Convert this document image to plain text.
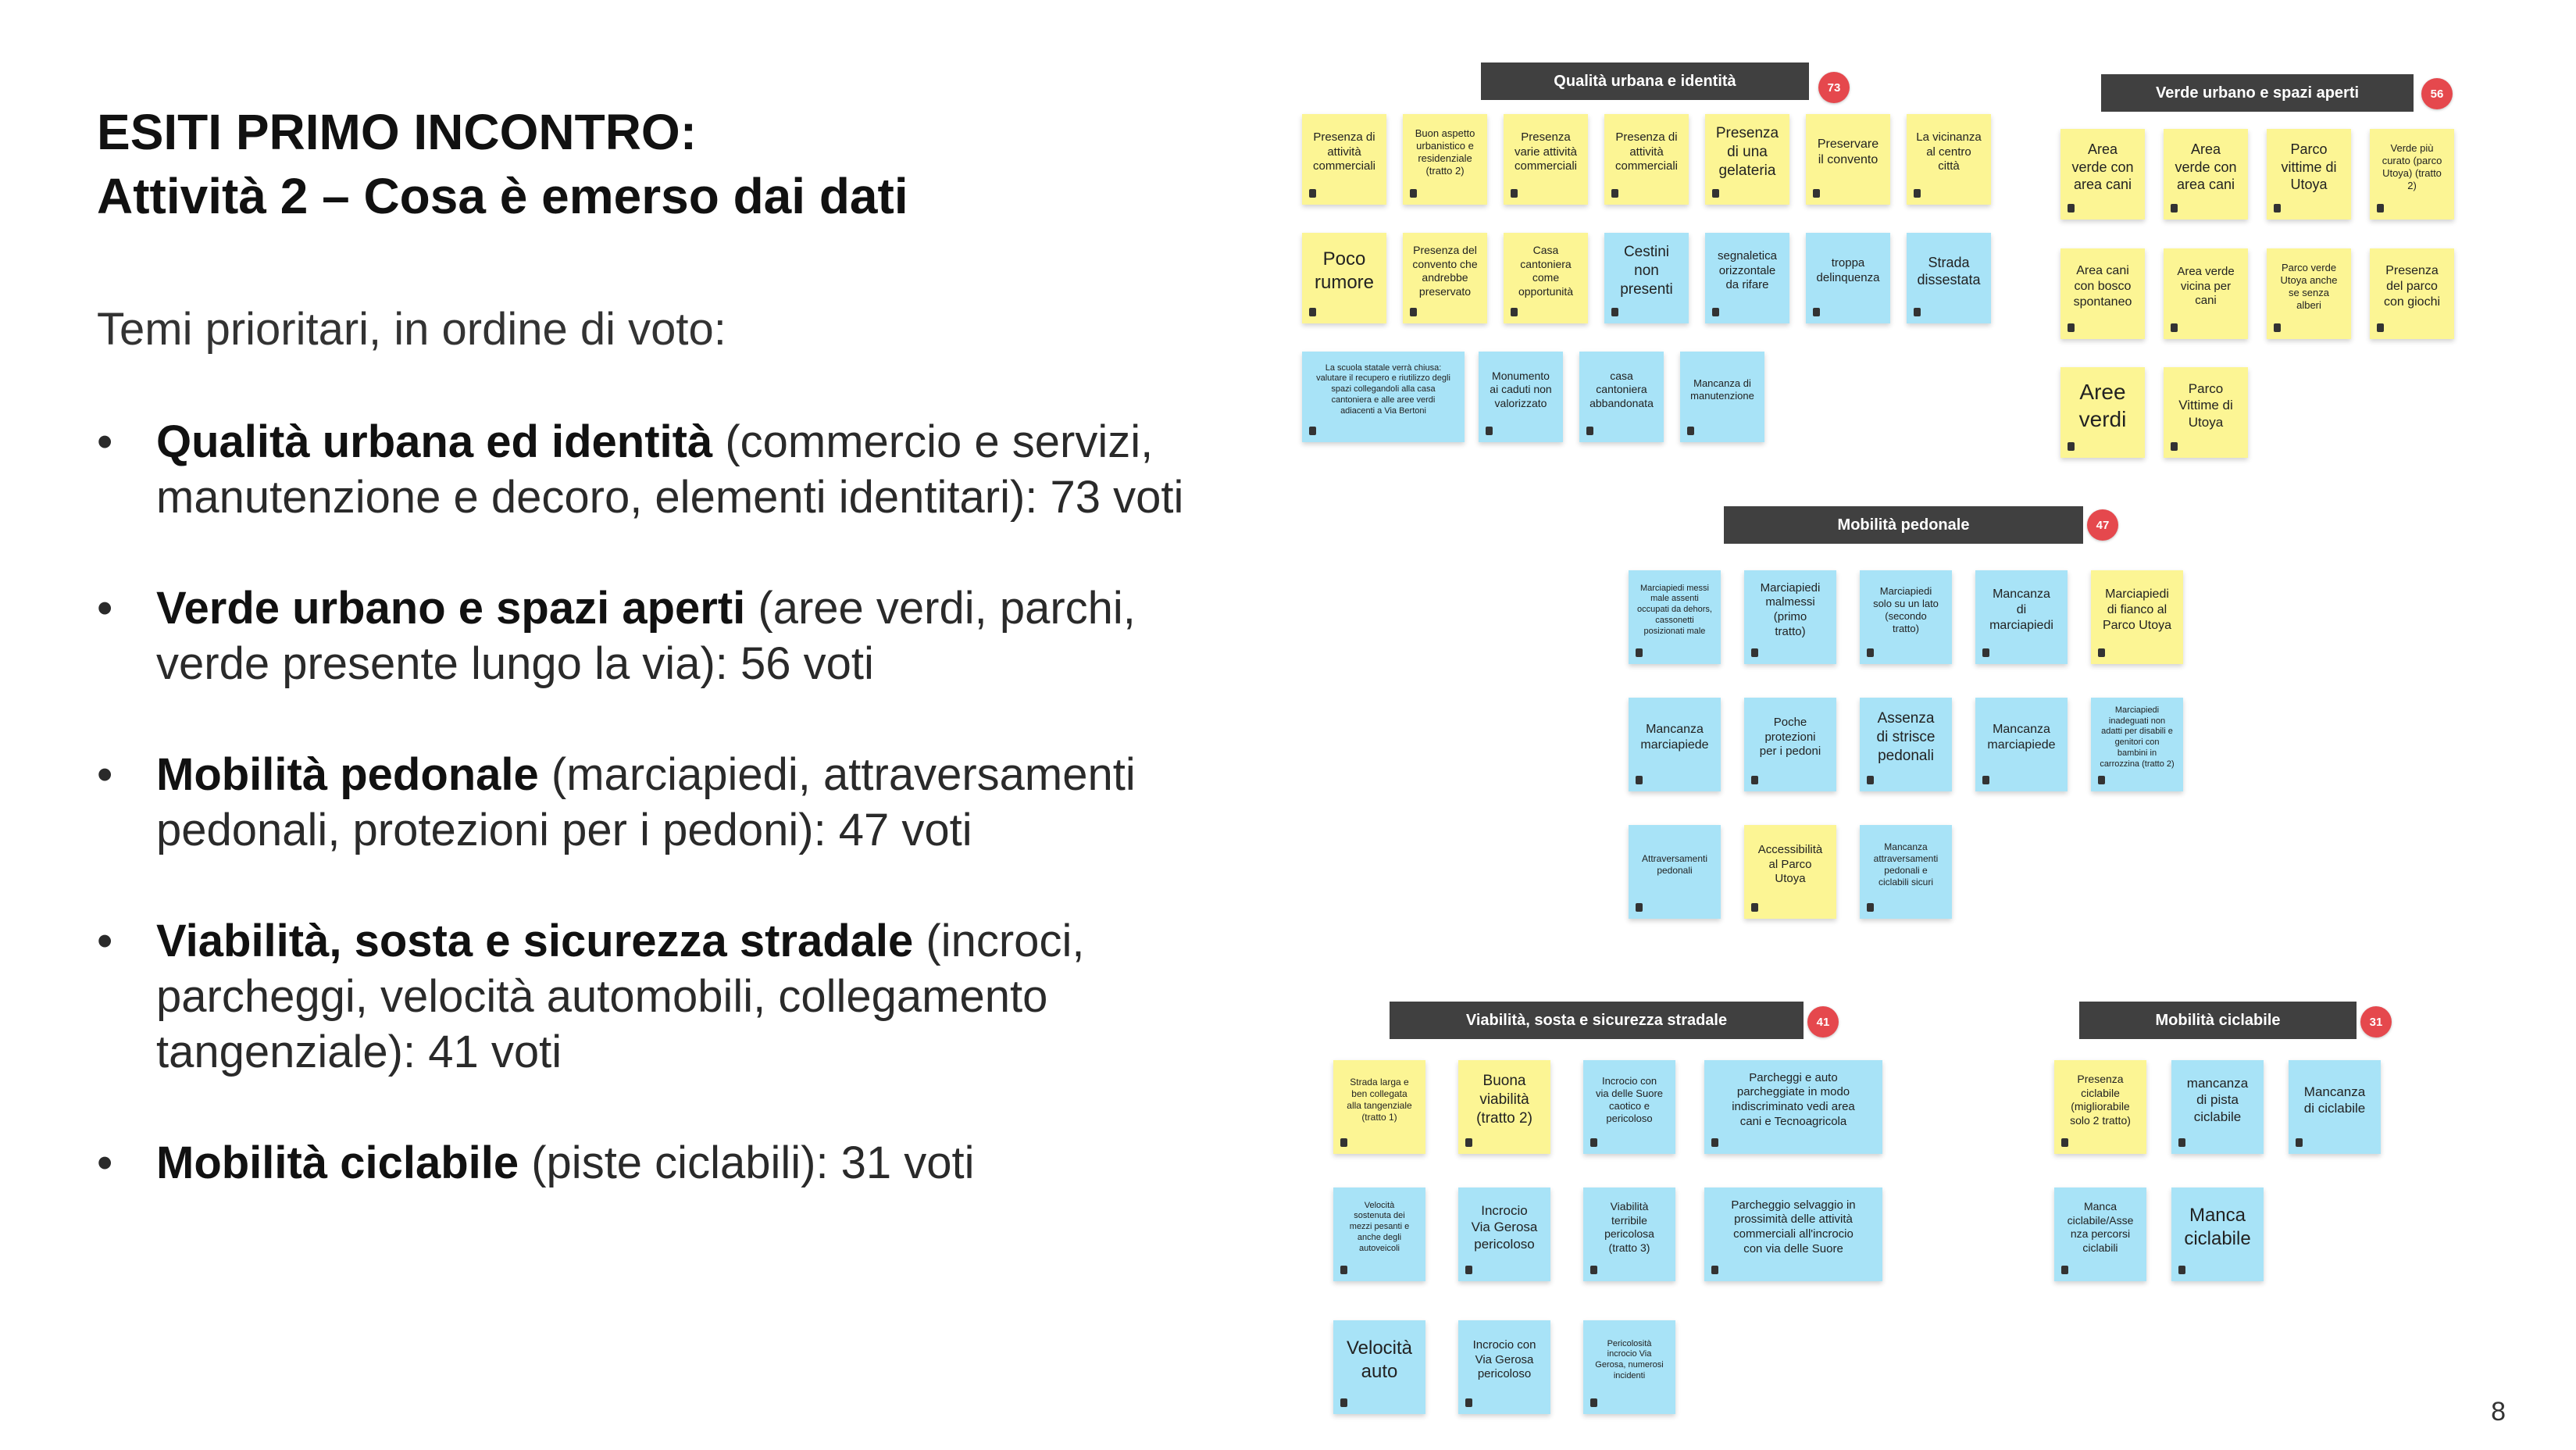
ESITI PRIMO INCONTRO:
Attività 2 – Cosa è emerso dai dati
Temi prioritari, in ordine di voto:
• Qualità urbana ed identità (commercio e servizi, manutenzione e decoro, elementi identitari): 73 voti
• Verde urbano e spazi aperti (aree verdi, parchi, verde presente lungo la via): 56 voti
• Mobilità pedonale (marciapiedi, attraversamenti pedonali, protezioni per i pedoni): 47 voti
• Viabilità, sosta e sicurezza stradale (incroci, parcheggi, velocità automobili, collegamento tangenziale): 41 voti
• Mobilità ciclabile (piste ciclabili): 31 voti
Qualità urbana e identità	73	Verde urbano e spazi aperti	56
Mobilità pedonale	47
Viabilità, sosta e sicurezza stradale	41	Mobilità ciclabile	31
Presenza di
attività
commerciali
Buon aspetto
urbanistico e
residenziale
(tratto 2)
Presenza
varie attività
commerciali
Presenza di
attività
commerciali
Presenza
di una
gelateria
Preservare
il convento
La vicinanza
al centro
città
Poco
rumore
Presenza del
convento che
andrebbe
preservato
Casa
cantoniera
come
opportunità
Cestini
non
presenti
segnaletica
orizzontale
da rifare
troppa
delinquenza
Strada
dissestata
La scuola statale verrà chiusa:
valutare il recupero e riutilizzo degli
spazi collegandoli alla casa
cantoniera e alle aree verdi
adiacenti a Via Bertoni
Monumento
ai caduti non
valorizzato
casa
cantoniera
abbandonata
Mancanza di
manutenzione
Area
verde con
area cani
Area
verde con
area cani
Parco
vittime di
Utoya
Verde più
curato (parco
Utoya) (tratto
2)
Area cani
con bosco
spontaneo
Area verde
vicina per
cani
Parco verde
Utoya anche
se senza
alberi
Presenza
del parco
con giochi
Aree
verdi
Parco
Vittime di
Utoya
Marciapiedi messi
male assenti
occupati da dehors,
cassonetti
posizionati male
Marciapiedi
malmessi
(primo
tratto)
Marciapiedi
solo su un lato
(secondo
tratto)
Mancanza
di
marciapiedi
Marciapiedi
di fianco al
Parco Utoya
Mancanza
marciapiede
Poche
protezioni
per i pedoni
Assenza
di strisce
pedonali
Mancanza
marciapiede
Marciapiedi
inadeguati non
adatti per disabili e
genitori con
bambini in
carrozzina (tratto 2)
Attraversamenti
pedonali
Accessibilità
al Parco
Utoya
Mancanza
attraversamenti
pedonali e
ciclabili sicuri
Strada larga e
ben collegata
alla tangenziale
(tratto 1)
Buona
viabilità
(tratto 2)
Incrocio con
via delle Suore
caotico e
pericoloso
Parcheggi e auto
parcheggiate in modo
indiscriminato vedi area
cani e Tecnoagricola
Velocità
sostenuta dei
mezzi pesanti e
anche degli
autoveicoli
Incrocio
Via Gerosa
pericoloso
Viabilità
terribile
pericolosa
(tratto 3)
Parcheggio selvaggio in
prossimità delle attività
commerciali all'incrocio
con via delle Suore
Velocità
auto
Incrocio con
Via Gerosa
pericoloso
Pericolosità
incrocio Via
Gerosa, numerosi
incidenti
Presenza
ciclabile
(migliorabile
solo 2 tratto)
mancanza
di pista
ciclabile
Mancanza
di ciclabile
Manca
ciclabile/Asse
nza percorsi
ciclabili
Manca
ciclabile
8
